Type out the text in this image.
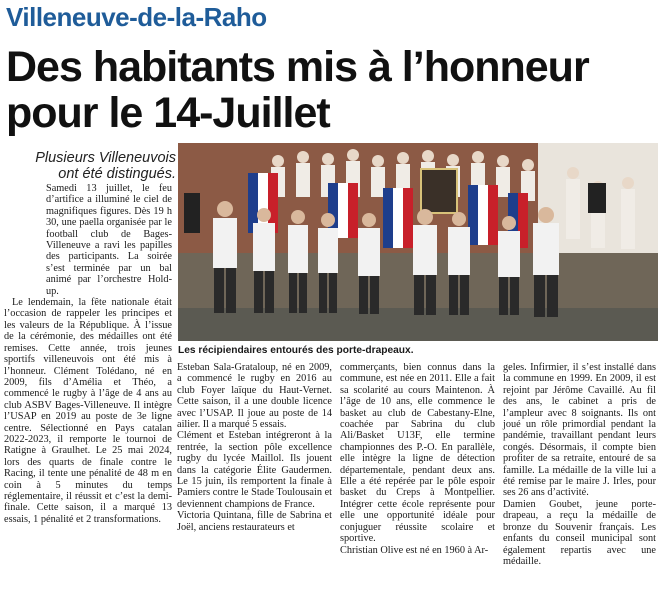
Villeneuve-de-la-Raho
Des habitants mis à l’honneur
pour le 14-Juillet
Plusieurs Villeneuvois
ont été distingués.
Les récipiendaires entourés des porte-drapeaux.

Samedi 13 juillet, le feu d’artifice a illuminé le ciel de magnifiques figures. Dès 19 h 30, une paella organisée par le football club de Bages-Villeneuve a ravi les papilles des participants. La soirée s’est terminée par un bal animé par l’orchestre Hold-up.

Le lendemain, la fête nationale était l’occasion de rappeler les principes et les valeurs de la République. À l’issue de la cérémonie, des médailles ont été remises. Cette année, trois jeunes sportifs villeneuvois ont été mis à l’honneur. Clément Tolédano, né en 2009, fils d’Amélia et Théo, a commencé le rugby à l’âge de 4 ans au club ASBV Bages-Villeneuve. Il intègre l’USAP en 2019 au poste de 3e ligne centre. Sélectionné en Pays catalan 2022-2023, il remporte le tournoi de Ratigne à Graulhet. Le 25 mai 2024, lors des quarts de finale contre le Racing, il tente une pénalité de 48 m en coin à 5 minutes du temps réglementaire, il réussit et c’est la demi-finale. Cette saison, il a marqué 13 essais, 1 pénalité et 2 transformations.

Esteban Sala-Grataloup, né en 2009, a commencé le rugby en 2016 au club Foyer laïque du Haut-Vernet. Cette saison, il a une double licence avec l’USAP. Il joue au poste de 14 ailier. Il a marqué 5 essais.

Clément et Esteban intégreront à la rentrée, la section pôle excellence rugby du lycée Maillol. Ils jouent dans la catégorie Élite Gaudermen. Le 15 juin, ils remportent la finale à Pamiers contre le Stade Toulousain et deviennent champions de France.

Victoria Quintana, fille de Sabrina et Joël, anciens restaurateurs et

commerçants, bien connus dans la commune, est née en 2011. Elle a fait sa scolarité au cours Maintenon. À l’âge de 10 ans, elle commence le basket au club de Cabestany-Elne, coachée par Sabrina du club Ali/Basket U13F, elle termine championnes des P.-O. En parallèle, elle intègre la ligne de détection départementale, pendant deux ans. Elle a été repérée par le pôle espoir basket du Creps à Montpellier. Intégrer cette école représente pour elle une opportunité idéale pour conjuguer réussite scolaire et sportive.

Christian Olive est né en 1960 à Ar-

geles. Infirmier, il s’est installé dans la commune en 1999. En 2009, il est rejoint par Jérôme Cavaillé. Au fil des ans, le cabinet a pris de l’ampleur avec 8 soignants. Ils ont joué un rôle primordial pendant la pandémie, travaillant pendant leurs congés. Désormais, il compte bien profiter de sa retraite, entouré de sa famille. La médaille de la ville lui a été remise par le maire J. Irles, pour ses 26 ans d’activité.

Damien Goubet, jeune porte-drapeau, a reçu la médaille de bronze du Souvenir français. Les enfants du conseil municipal sont également repartis avec une médaille.
